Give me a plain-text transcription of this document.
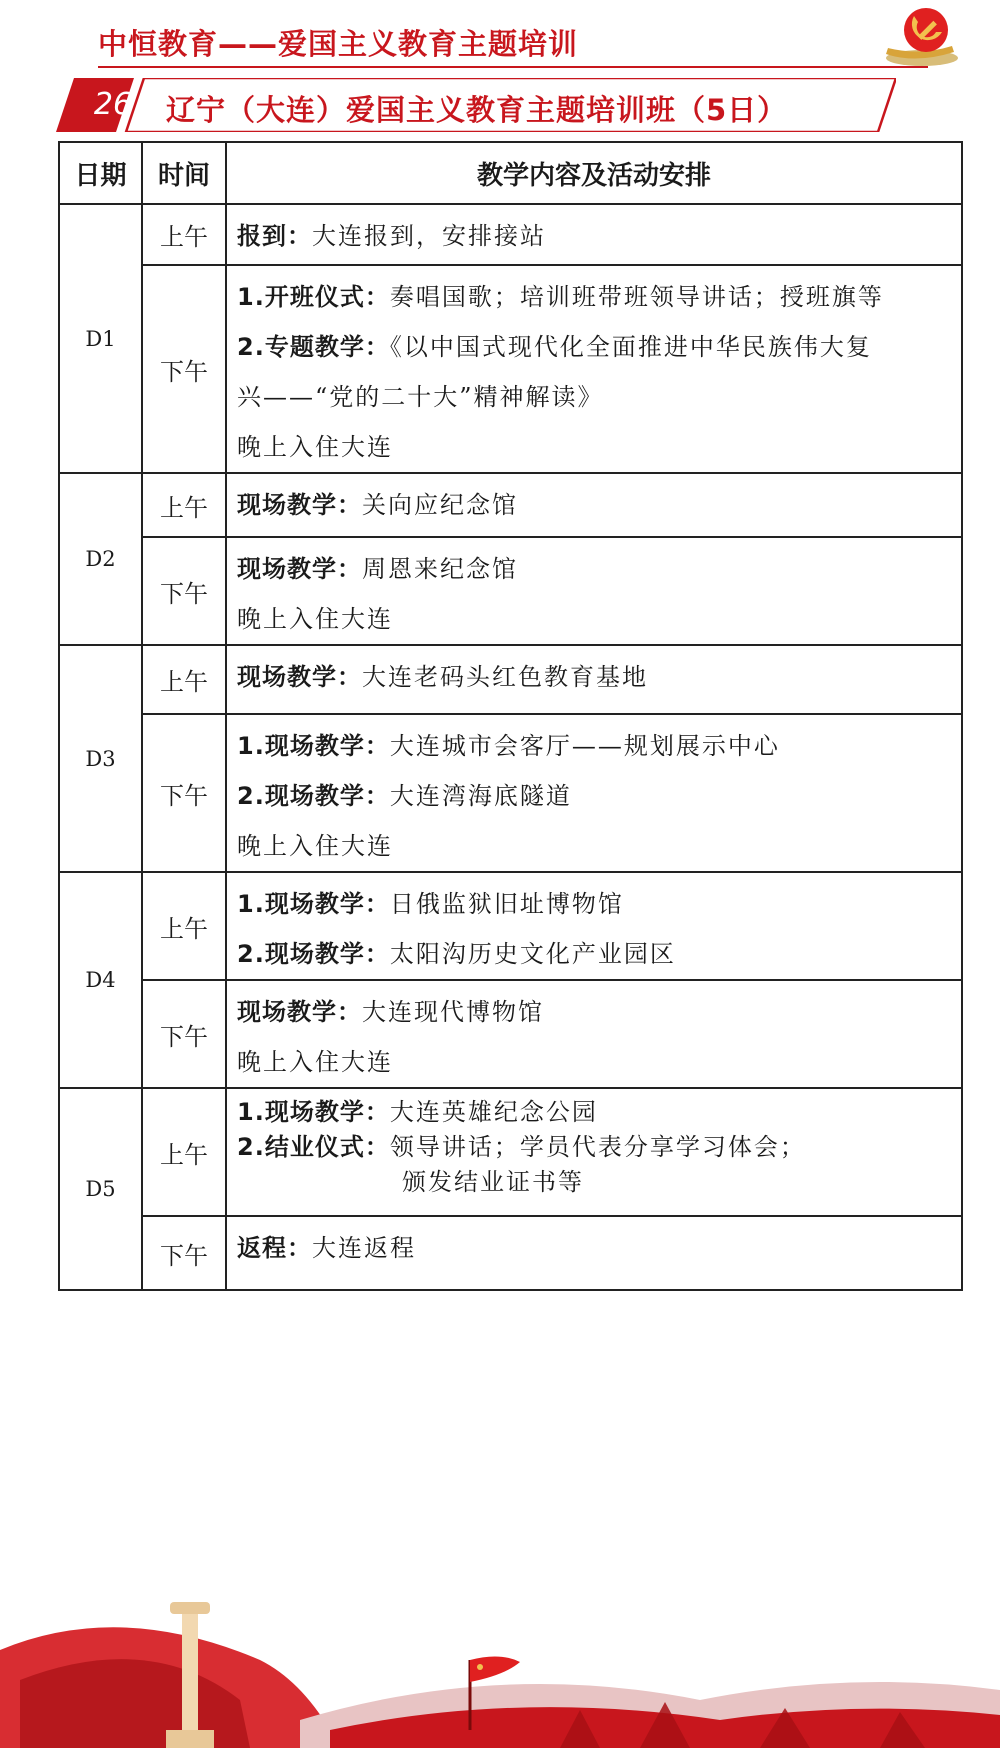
中恒教育——爱国主义教育主题培训
26	辽宁（大连）爱国主义教育主题培训班（5日）
日期	时间	教学内容及活动安排
D1	上午	报到：大连报到，安排接站

	下午	1.开班仪式：奏唱国歌；培训班带班领导讲话；授班旗等
2.专题教学：《以中国式现代化全面推进中华民族伟大复
兴——“党的二十大”精神解读》
晚上入住大连

D2	上午	现场教学：关向应纪念馆

	下午	现场教学：周恩来纪念馆
晚上入住大连

D3	上午	现场教学：大连老码头红色教育基地

	下午	1.现场教学：大连城市会客厅——规划展示中心
2.现场教学：大连湾海底隧道
晚上入住大连

D4	上午	1.现场教学：日俄监狱旧址博物馆
2.现场教学：太阳沟历史文化产业园区

	下午	现场教学：大连现代博物馆
晚上入住大连

D5	上午	1.现场教学：大连英雄纪念公园
2.结业仪式：领导讲话；学员代表分享学习体会；
颁发结业证书等

	下午	返程：大连返程
